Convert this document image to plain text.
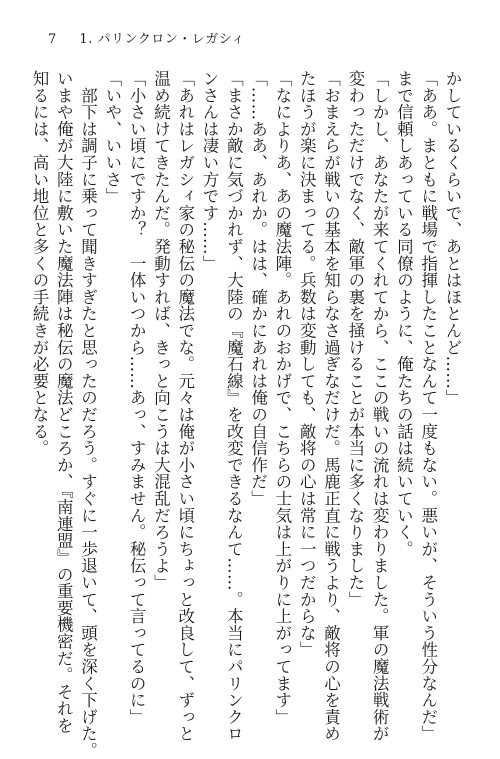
7 1. パリンクロン・レガシィ
かしているくらいで、あとはほとんど……」
「ああ。まともに戦場で指揮したことなんて一度もない。悪いが、そういう性分なんだ」
まで信頼しあっている同僚のように、俺たちの話は続いていく。
「しかし、あなたが来てくれてから、ここの戦いの流れは変わりました。軍の魔法戦術が
変わっただけでなく、敵軍の裏を掻けることが本当に多くなりました」
「おまえらが戦いの基本を知らなさ過ぎなだけだ。馬鹿正直に戦うより、敵将の心を責め
たほうが楽に決まってる。兵数は変動しても、敵将の心は常に一つだからな」
「なによりあ、あの魔法陣。あれのおかげで、こちらの士気は上がりに上がってます」
「……ああ、あれか。はは、確かにあれは俺の自信作だ」
「まさか敵に気づかれず、大陸の『魔石線』を改変できるなんて……。本当にパリンクロ
ンさんは凄い方です……」
「あれはレガシィ家の秘伝の魔法でな。元々は俺が小さい頃にちょっと改良して、ずっと
温め続けてきたんだ。発動すれば、きっと向こうは大混乱だろうよ」
「小さい頃にですか？　一体いつから……あっ、すみません。秘伝って言ってるのに」
「いや、いいさ」
　部下は調子に乗って聞きすぎたと思ったのだろう。すぐに一歩退いて、頭を深く下げた。
いまや俺が大陸に敷いた魔法陣は秘伝の魔法どころか、『南連盟』の重要機密だ。それを
知るには、高い地位と多くの手続きが必要となる。
